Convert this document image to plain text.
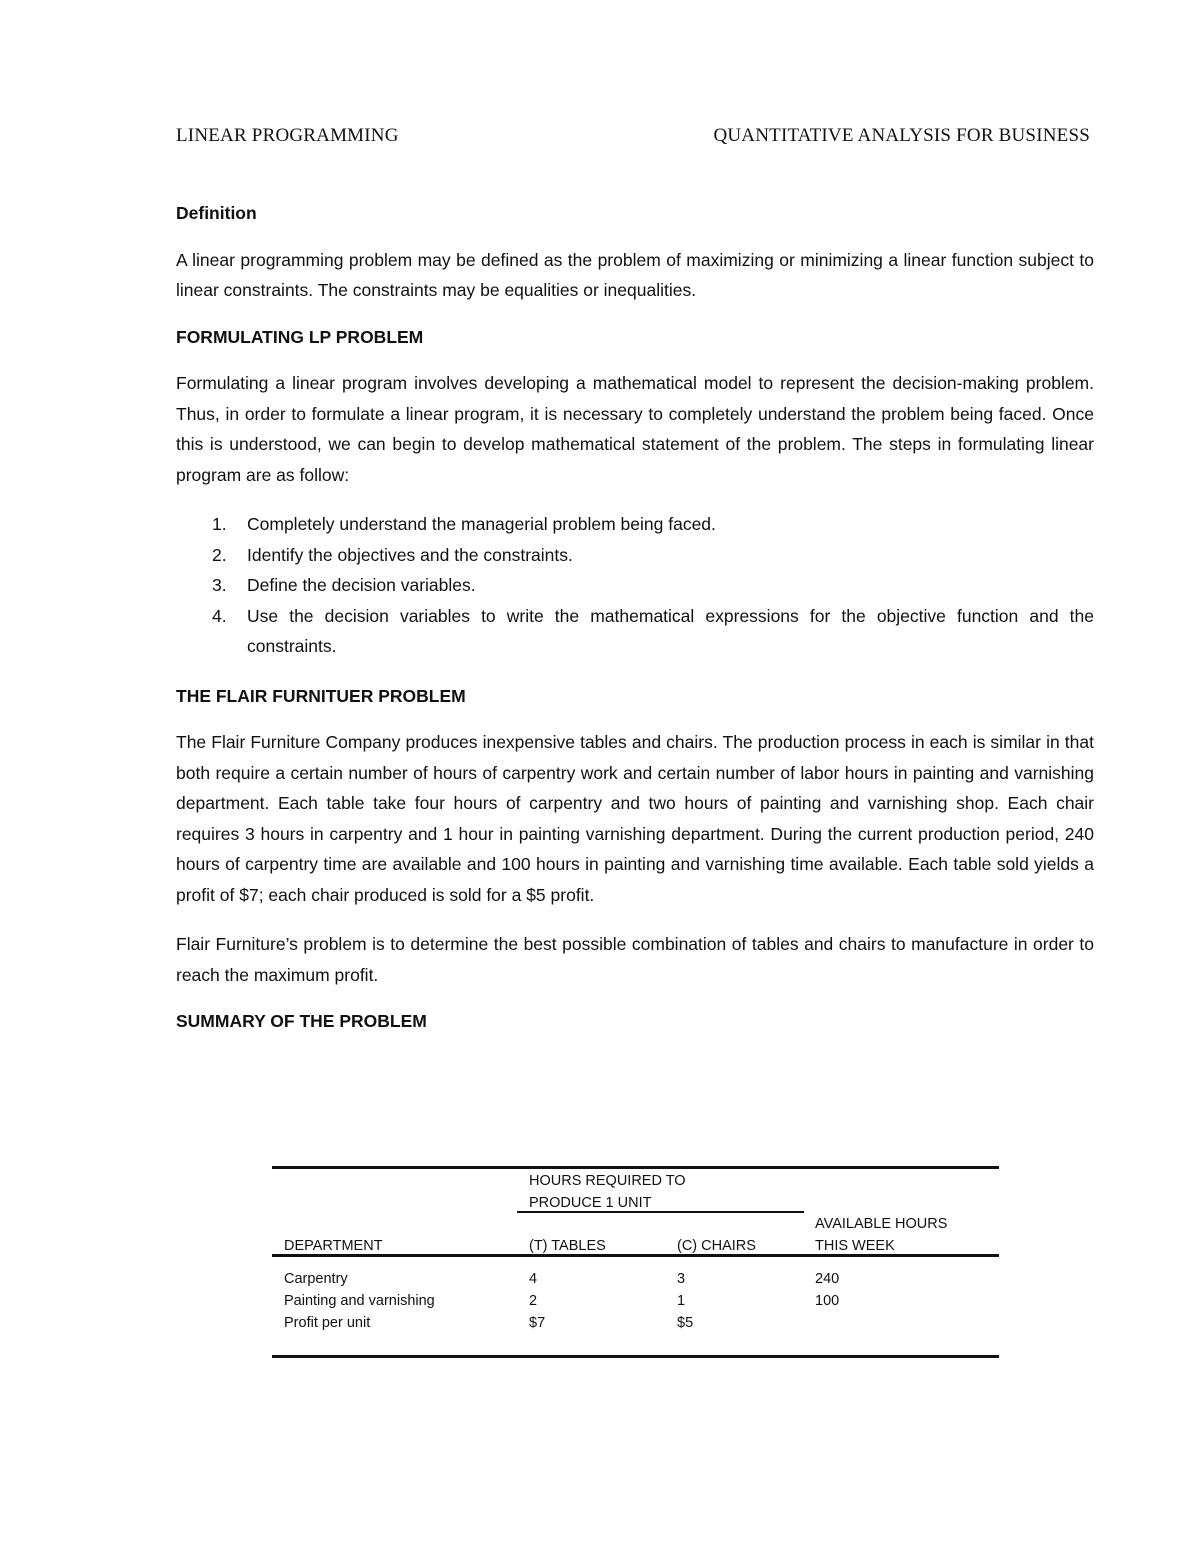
LINEAR PROGRAMMING	QUANTITATIVE ANALYSIS FOR BUSINESS

Definition

A linear programming problem may be defined as the problem of maximizing or minimizing a linear function subject to linear constraints. The constraints may be equalities or inequalities.

FORMULATING LP PROBLEM

Formulating a linear program involves developing a mathematical model to represent the decision-making problem. Thus, in order to formulate a linear program, it is necessary to completely understand the problem being faced. Once this is understood, we can begin to develop mathematical statement of the problem. The steps in formulating linear program are as follow:

1.	Completely understand the managerial problem being faced.
2.	Identify the objectives and the constraints.
3.	Define the decision variables.
4.	Use the decision variables to write the mathematical expressions for the objective function and the constraints.

THE FLAIR FURNITUER PROBLEM

The Flair Furniture Company produces inexpensive tables and chairs. The production process in each is similar in that both require a certain number of hours of carpentry work and certain number of labor hours in painting and varnishing department. Each table take four hours of carpentry and two hours of painting and varnishing shop. Each chair requires 3 hours in carpentry and 1 hour in painting varnishing department. During the current production period, 240 hours of carpentry time are available and 100 hours in painting and varnishing time available. Each table sold yields a profit of $7; each chair produced is sold for a $5 profit.

Flair Furniture’s problem is to determine the best possible combination of tables and chairs to manufacture in order to reach the maximum profit.

SUMMARY OF THE PROBLEM

HOURS REQUIRED TO
PRODUCE 1 UNIT
AVAILABLE HOURS
THIS WEEK
DEPARTMENT	(T) TABLES	(C) CHAIRS
Carpentry	4	3	240
Painting and varnishing	2	1	100
Profit per unit	$7	$5
